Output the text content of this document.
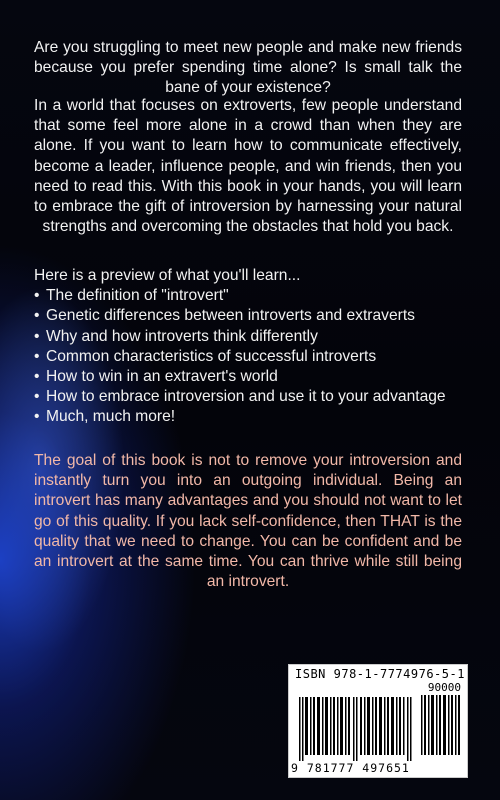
Are you struggling to meet new people and make new friends because you prefer spending time alone? Is small talk the bane of your existence?

In a world that focuses on extroverts, few people understand that some feel more alone in a crowd than when they are alone. If you want to learn how to communicate effectively, become a leader, influence people, and win friends, then you need to read this. With this book in your hands, you will learn to embrace the gift of introversion by harnessing your natural strengths and overcoming the obstacles that hold you back.

Here is a preview of what you'll learn...

• The definition of "introvert"
• Genetic differences between introverts and extraverts
• Why and how introverts think differently
• Common characteristics of successful introverts
• How to win in an extravert's world
• How to embrace introversion and use it to your advantage
• Much, much more!

The goal of this book is not to remove your introversion and instantly turn you into an outgoing individual. Being an introvert has many advantages and you should not want to let go of this quality. If you lack self-confidence, then THAT is the quality that we need to change. You can be confident and be an introvert at the same time. You can thrive while still being an introvert.

ISBN 978-1-7774976-5-1
90000
9 781777 497651
